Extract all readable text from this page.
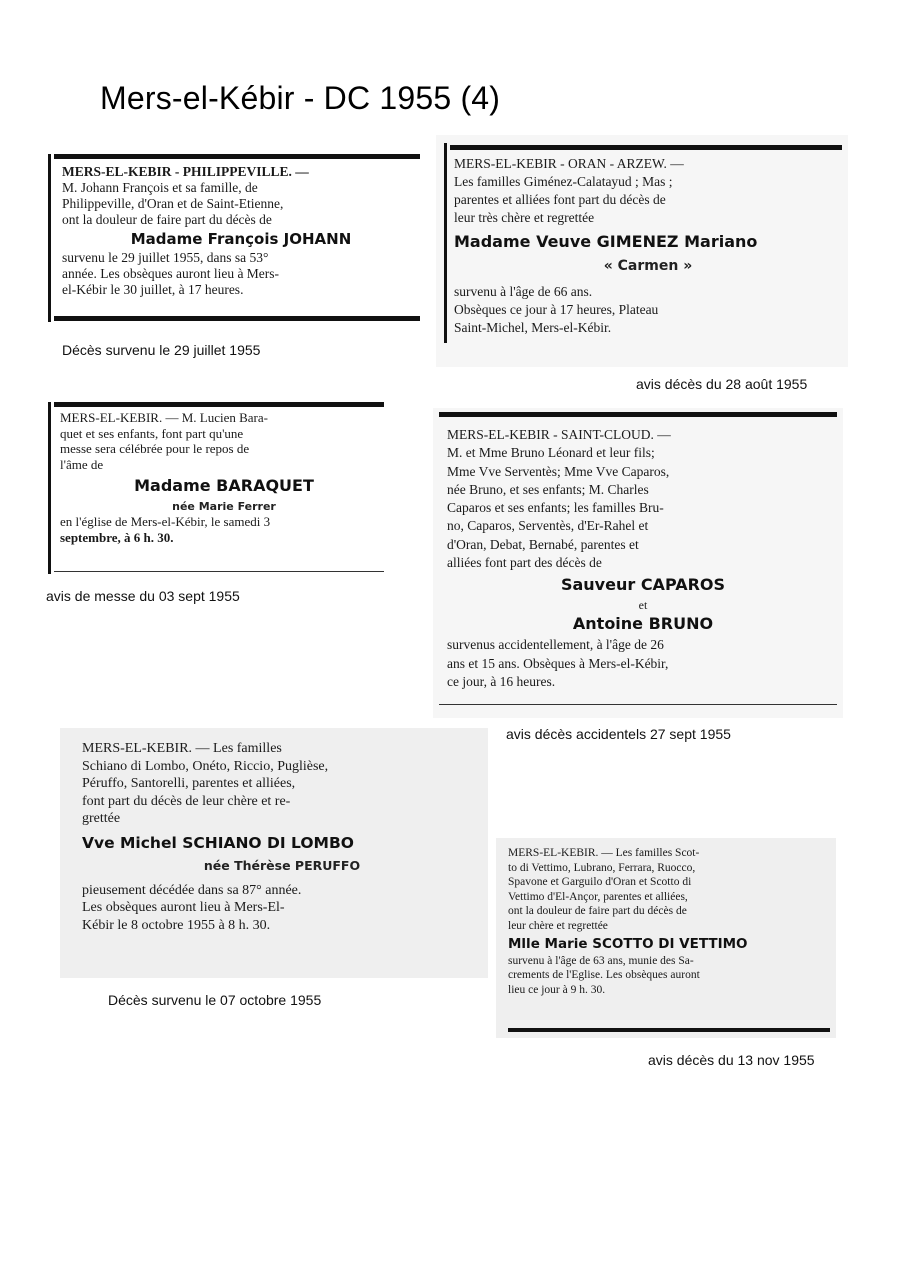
Mers-el-Kébir - DC 1955 (4)
MERS-EL-KEBIR - PHILIPPEVILLE. —
M. Johann François et sa famille, de
Philippeville, d'Oran et de Saint-Etienne,
ont la douleur de faire part du décès de
Madame François JOHANN
survenu le 29 juillet 1955, dans sa 53°
année. Les obsèques auront lieu à Mers-
el-Kébir le 30 juillet, à 17 heures.
Décès survenu le 29 juillet 1955
MERS-EL-KEBIR - ORAN - ARZEW. —
Les familles Giménez-Calatayud ; Mas ;
parentes et alliées font part du décès de
leur très chère et regrettée
Madame Veuve GIMENEZ Mariano
« Carmen »
survenu à l'âge de 66 ans.
Obsèques ce jour à 17 heures, Plateau
Saint-Michel, Mers-el-Kébir.
avis décès du 28 août 1955
MERS-EL-KEBIR. — M. Lucien Bara-
quet et ses enfants, font part qu'une
messe sera célébrée pour le repos de
l'âme de
Madame BARAQUET
née Marie Ferrer
en l'église de Mers-el-Kébir, le samedi 3
septembre, à 6 h. 30.
avis de messe du 03 sept 1955
MERS-EL-KEBIR - SAINT-CLOUD. —
M. et Mme Bruno Léonard et leur fils;
Mme Vve Serventès; Mme Vve Caparos,
née Bruno, et ses enfants; M. Charles
Caparos et ses enfants; les familles Bru-
no, Caparos, Serventès, d'Er-Rahel et
d'Oran, Debat, Bernabé, parentes et
alliées font part des décès de
Sauveur CAPAROS
et
Antoine BRUNO
survenus accidentellement, à l'âge de 26
ans et 15 ans. Obsèques à Mers-el-Kébir,
ce jour, à 16 heures.
avis décès accidentels 27 sept 1955
MERS-EL-KEBIR. — Les familles
Schiano di Lombo, Onéto, Riccio, Puglièse,
Péruffo, Santorelli, parentes et alliées,
font part du décès de leur chère et re-
grettée
Vve Michel SCHIANO DI LOMBO
née Thérèse PERUFFO
pieusement décédée dans sa 87° année.
Les obsèques auront lieu à Mers-El-
Kébir le 8 octobre 1955 à 8 h. 30.
Décès survenu le 07 octobre 1955
MERS-EL-KEBIR. — Les familles Scot-
to di Vettimo, Lubrano, Ferrara, Ruocco,
Spavone et Garguilo d'Oran et Scotto di
Vettimo d'El-Ançor, parentes et alliées,
ont la douleur de faire part du décès de
leur chère et regrettée
Mlle Marie SCOTTO DI VETTIMO
survenu à l'âge de 63 ans, munie des Sa-
crements de l'Eglise. Les obsèques auront
lieu ce jour à 9 h. 30.
avis décès du 13 nov 1955
